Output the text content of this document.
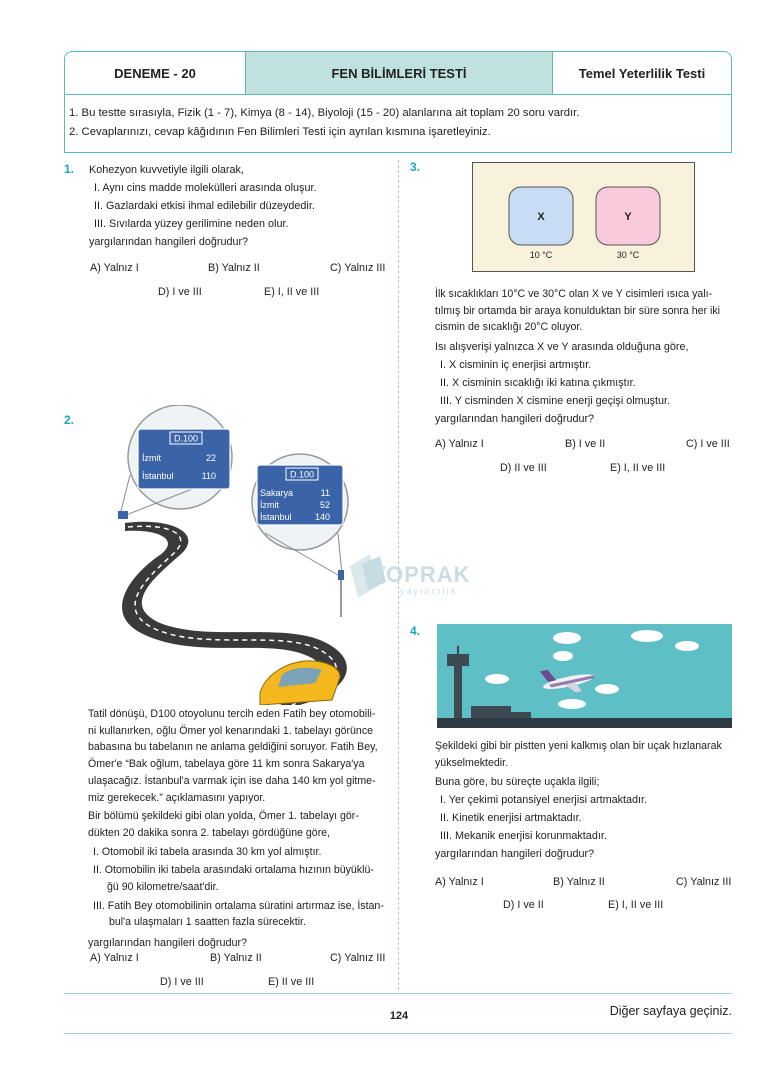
DENEME - 20	FEN BİLİMLERİ TESTİ	Temel Yeterlilik Testi
1. Bu testte sırasıyla, Fizik (1 - 7), Kimya (8 - 14), Biyoloji (15 - 20) alanlarına ait toplam 20 soru vardır.
2. Cevaplarınızı, cevap kâğıdının Fen Bilimleri Testi için ayrılan kısmına işaretleyiniz.
1. Kohezyon kuvvetiyle ilgili olarak,
I. Aynı cins madde molekülleri arasında oluşur.
II. Gazlardaki etkisi ihmal edilebilir düzeydedir.
III. Sıvılarda yüzey gerilimine neden olur.
yargılarından hangileri doğrudur?
A) Yalnız I	B) Yalnız II	C) Yalnız III
D) I ve III	E) I, II ve III
2.
D.100
İzmit	22
İstanbul	110	D.100
Sakarya	11
İzmit	52
İstanbul	140
Tatil dönüşü, D100 otoyolunu tercih eden Fatih bey otomobili-
ni kullanırken, oğlu Ömer yol kenarındaki 1. tabelayı görünce
babasına bu tabelanın ne anlama geldiğini soruyor. Fatih Bey,
Ömer'e “Bak oğlum, tabelaya göre 11 km sonra Sakarya'ya
ulaşacağız. İstanbul'a varmak için ise daha 140 km yol gitme-
miz gerekecek.” açıklamasını yapıyor.
Bir bölümü şekildeki gibi olan yolda, Ömer 1. tabelayı gör-
dükten 20 dakika sonra 2. tabelayı gördüğüne göre,
I. Otomobil iki tabela arasında 30 km yol almıştır.
II. Otomobilin iki tabela arasındaki ortalama hızının büyüklü-
ğü 90 kilometre/saat'dir.
III. Fatih Bey otomobilinin ortalama süratini artırmaz ise, İstan-
bul'a ulaşmaları 1 saatten fazla sürecektir.
yargılarından hangileri doğrudur?
A) Yalnız I	B) Yalnız II	C) Yalnız III
D) I ve III	E) II ve III
3.
X	Y
10 °C	30 °C
İlk sıcaklıkları 10°C ve 30°C olan X ve Y cisimleri ısıca yalı-
tılmış bir ortamda bir araya konulduktan bir süre sonra her iki
cismin de sıcaklığı 20°C oluyor.
Isı alışverişi yalnızca X ve Y arasında olduğuna göre,
I. X cisminin iç enerjisi artmıştır.
II. X cisminin sıcaklığı iki katına çıkmıştır.
III. Y cisminden X cismine enerji geçişi olmuştur.
yargılarından hangileri doğrudur?
A) Yalnız I	B) I ve II	C) I ve III
D) II ve III	E) I, II ve III
TOPRAK
yayıncılık
4.
Şekildeki gibi bir pistten yeni kalkmış olan bir uçak hızlanarak
yükselmektedir.
Buna göre, bu süreçte uçakla ilgili;
I. Yer çekimi potansiyel enerjisi artmaktadır.
II. Kinetik enerjisi artmaktadır.
III. Mekanik enerjisi korunmaktadır.
yargılarından hangileri doğrudur?
A) Yalnız I	B) Yalnız II	C) Yalnız III
D) I ve II	E) I, II ve III
124	Diğer sayfaya geçiniz.
